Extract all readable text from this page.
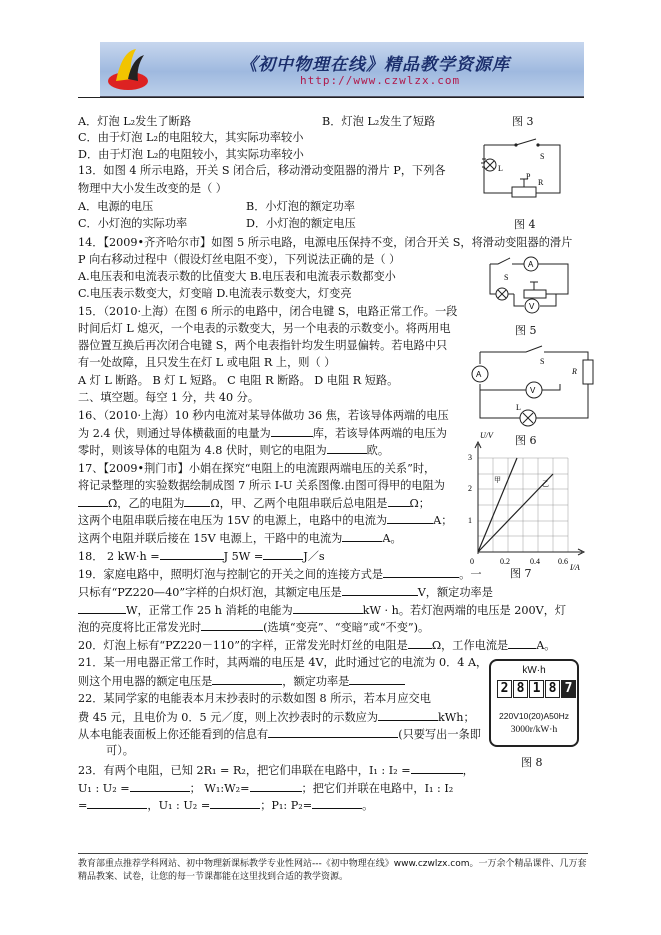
《初中物理在线》精品教学资源库
http://www.czwlzx.com
A．灯泡 L₂发生了断路	B．灯泡 L₂发生了短路
C．由于灯泡 L₂的电阻较大，其实际功率较小
D．由于灯泡 L₂的电阻较小，其实际功率较小
13．如图 4 所示电路，开关 S 闭合后，移动滑动变阻器的滑片 P，下列各
物理中大小发生改变的是（ ）
A．电源的电压	B．小灯泡的额定功率
C．小灯泡的实际功率	D．小灯泡的额定电压
14．【2009•齐齐哈尔市】如图 5 所示电路，电源电压保持不变，闭合开关 S，将滑动变阻器的滑片
P 向右移动过程中（假设灯丝电阻不变），下列说法正确的是（ ）
A.电压表和电流表示数的比值变大 B.电压表和电流表示数都变小
C.电压表示数变大，灯变暗 D.电流表示数变大，灯变亮
15．（2010·上海）在图 6 所示的电路中，闭合电键 S，电路正常工作。一段
时间后灯 L 熄灭，一个电表的示数变大，另一个电表的示数变小。将两用电
器位置互换后再次闭合电键 S，两个电表指针均发生明显偏转。若电路中只
有一处故障，且只发生在灯 L 或电阻 R 上，则（ ）
A 灯 L 断路。 B 灯 L 短路。 C 电阻 R 断路。 D 电阻 R 短路。
二、填空题。每空 1 分，共 40 分。
16、（2010·上海）10 秒内电流对某导体做功 36 焦，若该导体两端的电压
为 2.4 伏，则通过导体横截面的电量为	库，若该导体两端的电压为
零时，则该导体的电阻为 4.8 伏时，则它的电阻为	欧。
17、【2009•荆门市】小娟在探究“电阻上的电流跟两端电压的关系”时，
将记录整理的实验数据绘制成图 7 所示 I-U 关系图像.由图可得甲的电阻为
Ω，乙的电阻为 Ω，甲、乙两个电阻串联后总电阻是 Ω；
这两个电阻串联后接在电压为 15V 的电源上，电路中的电流为	A；
这两个电阻并联后接在 15V 电源上，干路中的电流为	A。
18． 2 kW·h =	J 5W =	J／s
19．家庭电路中，照明灯泡与控制它的开关之间的连接方式是	。一
只标有“PZ220—40”字样的白炽灯泡，其额定电压是	V，额定功率是
W，正常工作 25 h 消耗的电能为	kW · h。若灯泡两端的电压是 200V，灯
泡的亮度将比正常发光时	(选填“变亮”、“变暗”或“不变”)。
20．灯泡上标有“PZ220－110”的字样，正常发光时灯丝的电阻是 Ω，工作电流是	A。
21．某一用电器正常工作时，其两端的电压是 4V，此时通过它的电流为 0．4 A，
则这个用电器的额定电压是	，额定功率是
22．某同学家的电能表本月末抄表时的示数如图 8 所示，若本月应交电
费 45 元，且电价为 0．5 元／度，则上次抄表时的示数应为	kWh；
从本电能表面板上你还能看到的信息有	(只要写出一条即
可）。
23．有两个电阻，已知 2R₁ = R₂，把它们串联在电路中，I₁ : I₂ =	，
U₁ : U₂ =	； W₁:W₂=	；把它们并联在电路中，I₁ : I₂
=	，U₁ : U₂ =	；P₁: P₂=	。
图 3
L
S
P
R
图 4
A
V
S
图 5
A
V
S
R
L
图 6
甲	乙
U/V
I/A
3
2
1
0	0.2	0.4 0.6
图 7
kW·h
2 8 1 8 7
220V10(20)A50Hz
3000r/kW·h
图 8
教育部重点推荐学科网站、初中物理新课标教学专业性网站---《初中物理在线》www.czwlzx.com。一万余个精品课件、几万套精品教案、试卷，让您的每一节课都能在这里找到合适的教学资源。
